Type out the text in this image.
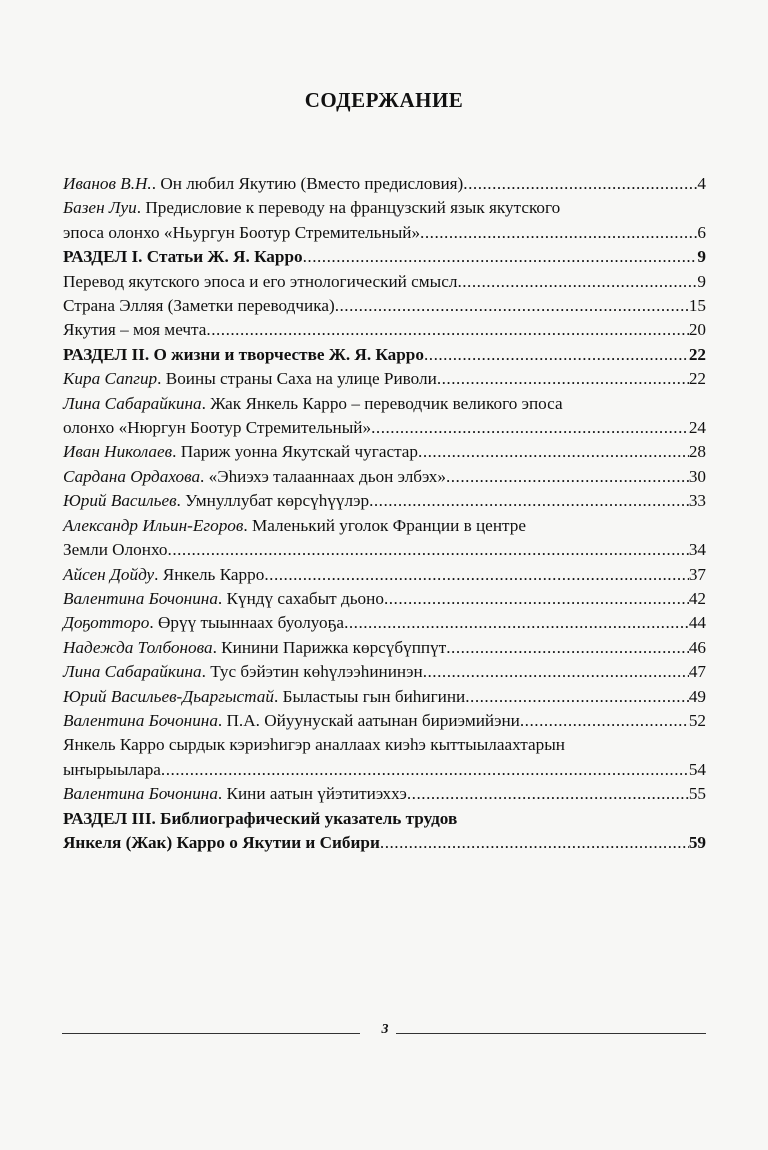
СОДЕРЖАНИЕ
Иванов В.Н.. Он любил Якутию (Вместо предисловия) .....	4
Базен Луи. Предисловие к переводу на французский язык якутского
эпоса олонхо «Ньургун Боотур Стремительный» .....	6
РАЗДЕЛ I. Статьи Ж. Я. Карро .....	9
Перевод якутского эпоса и его этнологический смысл .....	9
Страна Элляя (Заметки переводчика) .....	15
Якутия – моя мечта .....	20
РАЗДЕЛ II. О жизни и творчестве Ж. Я. Карро .....	22
Кира Сапгир. Воины страны Саха на улице Риволи .....	22
Лина Сабарайкина. Жак Янкель Карро – переводчик великого эпоса
олонхо «Нюргун Боотур Стремительный» .....	24
Иван Николаев. Париж уонна Якутскай чугастар .....	28
Сардана Ордахова. «Эһиэхэ талааннаах дьон элбэх» .....	30
Юрий Васильев. Умнуллубат көрсүһүүлэр .....	33
Александр Ильин-Егоров. Маленький уголок Франции в центре
Земли Олонхо .....	34
Айсен Дойду. Янкель Карро .....	37
Валентина Бочонина. Күндү сахабыт дьоно .....	42
Доҕотторо. Өрүү тыыннаах буолуоҕа .....	44
Надежда Толбонова. Кинини Парижка көрсүбүппүт .....	46
Лина Сабарайкина. Тус бэйэтин көһүлээһининэн .....	47
Юрий Васильев-Дьаргыстай. Быластыы гын биһигини .....	49
Валентина Бочонина. П.А. Ойуунускай аатынан бириэмийэни .....	52
Янкель Карро сырдык кэриэһигэр аналлаах киэһэ кыттыылаахтарын
ыҥырыылара .....	54
Валентина Бочонина. Кини аатын үйэтитиэххэ .....	55
РАЗДЕЛ III. Библиографический указатель трудов
Янкеля (Жак) Карро о Якутии и Сибири .....	59
3
